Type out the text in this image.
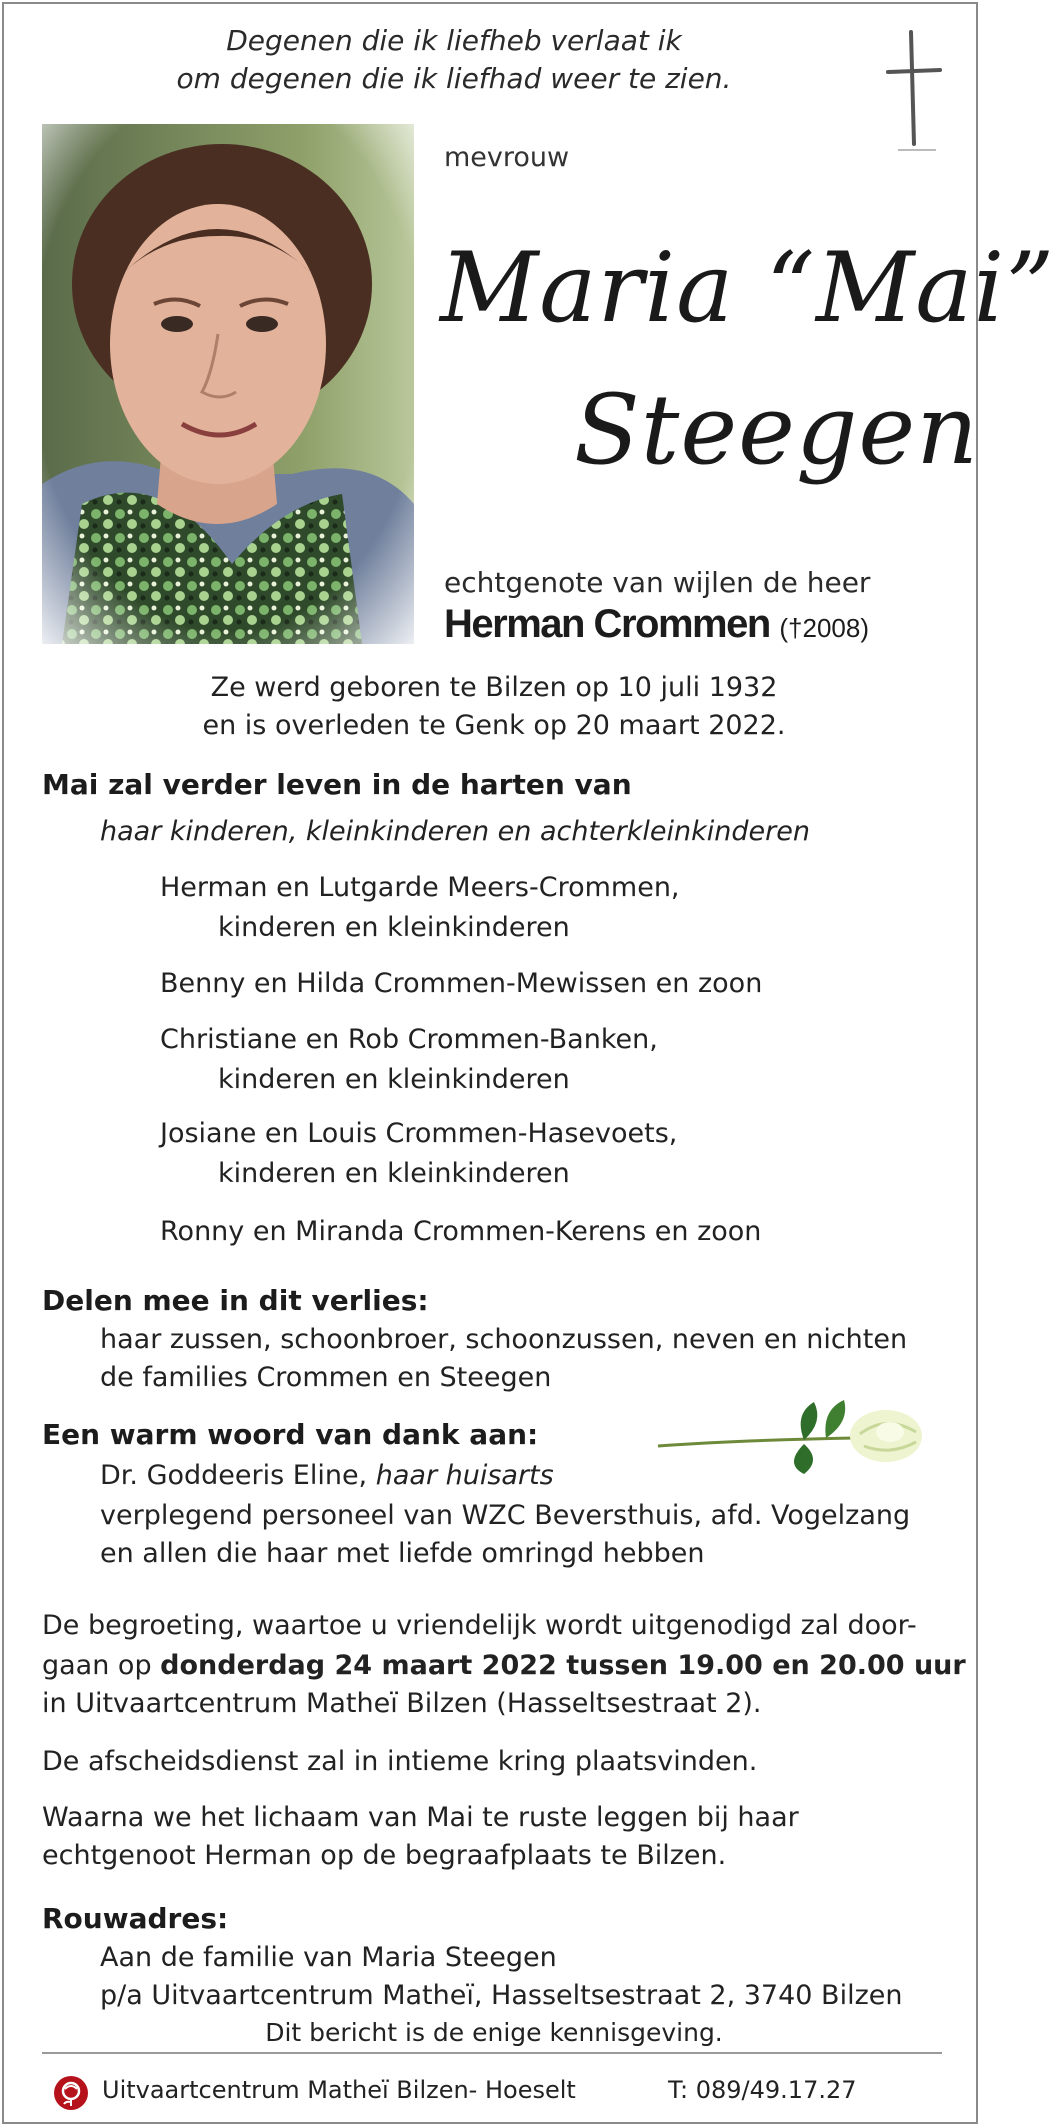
Degenen die ik liefheb verlaat ik
om degenen die ik liefhad weer te zien.
mevrouw
Maria “Mai”
Steegen
echtgenote van wijlen de heer
Herman Crommen (†2008)
Ze werd geboren te Bilzen op 10 juli 1932
en is overleden te Genk op 20 maart 2022.
Mai zal verder leven in de harten van
haar kinderen, kleinkinderen en achterkleinkinderen
Herman en Lutgarde Meers-Crommen,
kinderen en kleinkinderen
Benny en Hilda Crommen-Mewissen en zoon
Christiane en Rob Crommen-Banken,
kinderen en kleinkinderen
Josiane en Louis Crommen-Hasevoets,
kinderen en kleinkinderen
Ronny en Miranda Crommen-Kerens en zoon
Delen mee in dit verlies:
haar zussen, schoonbroer, schoonzussen, neven en nichten
de families Crommen en Steegen
Een warm woord van dank aan:
Dr. Goddeeris Eline, haar huisarts
verplegend personeel van WZC Beversthuis, afd. Vogelzang
en allen die haar met liefde omringd hebben
De begroeting, waartoe u vriendelijk wordt uitgenodigd zal door-
gaan op donderdag 24 maart 2022 tussen 19.00 en 20.00 uur
in Uitvaartcentrum Matheï Bilzen (Hasseltsestraat 2).
De afscheidsdienst zal in intieme kring plaatsvinden.
Waarna we het lichaam van Mai te ruste leggen bij haar
echtgenoot Herman op de begraafplaats te Bilzen.
Rouwadres:
Aan de familie van Maria Steegen
p/a Uitvaartcentrum Matheï, Hasseltsestraat 2, 3740 Bilzen
Dit bericht is de enige kennisgeving.
Uitvaartcentrum Matheï Bilzen- Hoeselt	T: 089/49.17.27
